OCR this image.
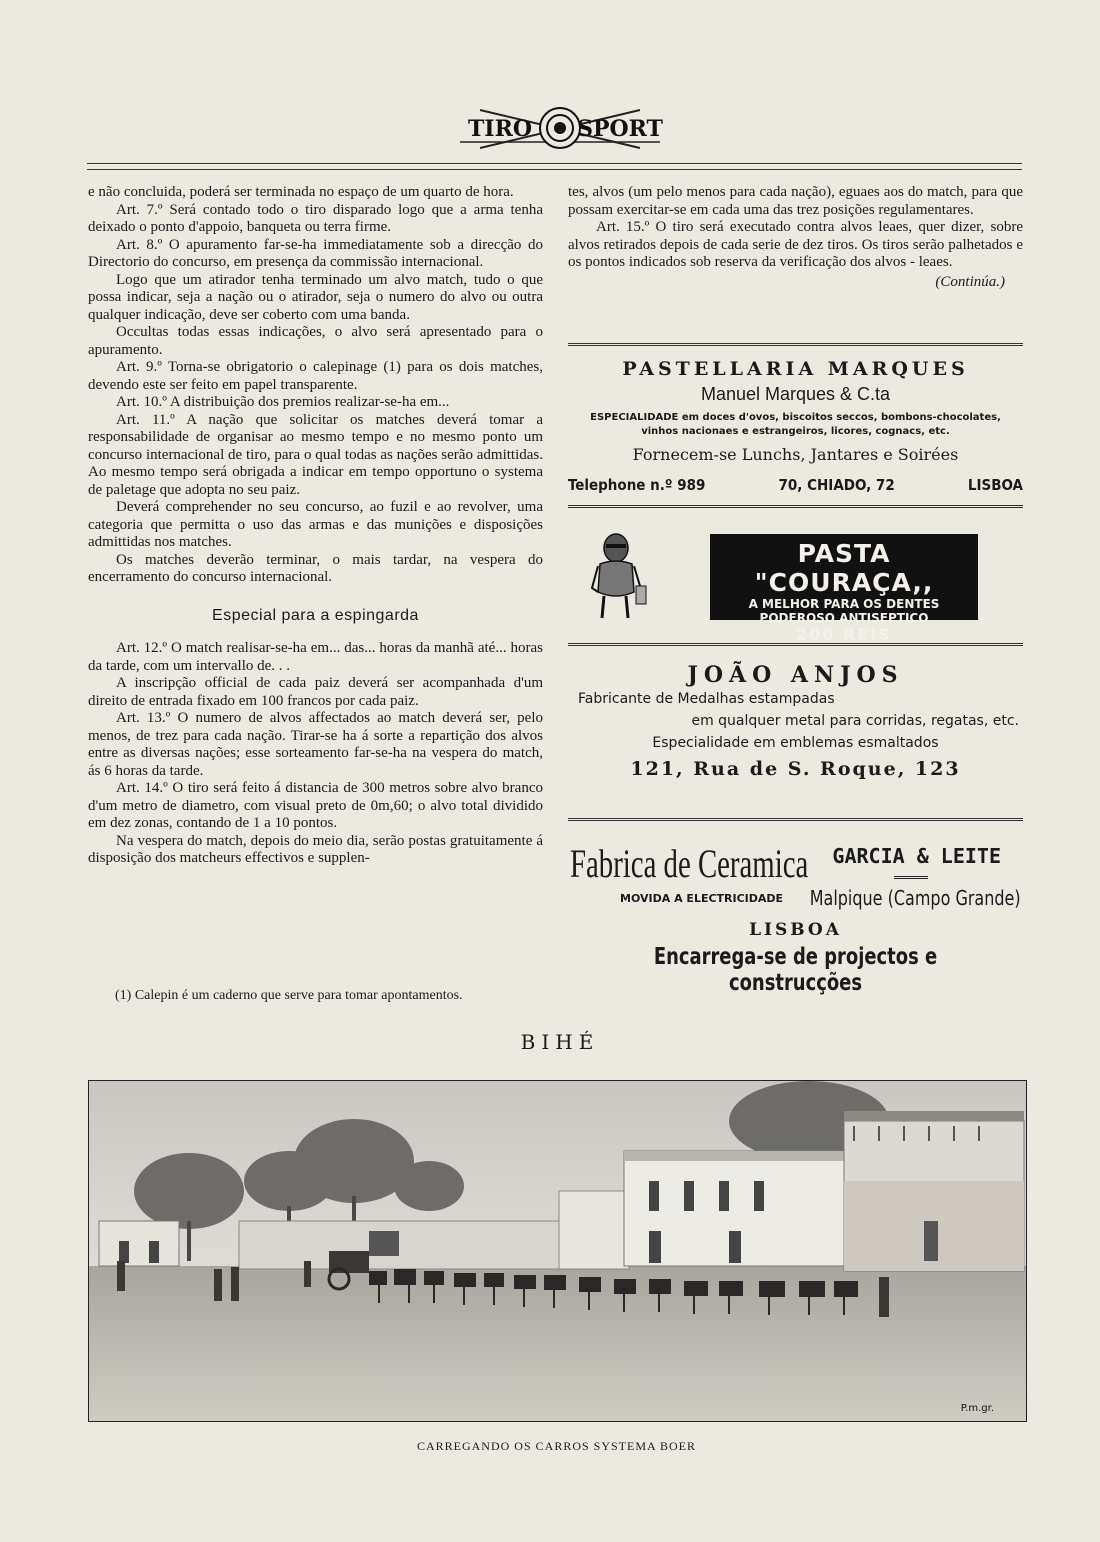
TIRO SPORT

e não concluida, poderá ser terminada no espaço de um quarto de hora.

Art. 7.º Será contado todo o tiro disparado logo que a arma tenha deixado o ponto d'appoio, banqueta ou terra firme.

Art. 8.º O apuramento far-se-ha immediatamente sob a direcção do Directorio do concurso, em presença da commissão internacional.

Logo que um atirador tenha terminado um alvo match, tudo o que possa indicar, seja a nação ou o atirador, seja o numero do alvo ou outra qualquer indicação, deve ser coberto com uma banda.

Occultas todas essas indicações, o alvo será apresentado para o apuramento.

Art. 9.º Torna-se obrigatorio o calepinage (1) para os dois matches, devendo este ser feito em papel transparente.

Art. 10.º A distribuição dos premios realizar-se-ha em...

Art. 11.º A nação que solicitar os matches deverá tomar a responsabilidade de organisar ao mesmo tempo e no mesmo ponto um concurso internacional de tiro, para o qual todas as nações serão admittidas. Ao mesmo tempo será obrigada a indicar em tempo opportuno o systema de paletage que adopta no seu paiz.

Deverá comprehender no seu concurso, ao fuzil e ao revolver, uma categoria que permitta o uso das armas e das munições e disposições admittidas nos matches.

Os matches deverão terminar, o mais tardar, na vespera do encerramento do concurso internacional.

Especial para a espingarda

Art. 12.º O match realisar-se-ha em... das... horas da manhã até... horas da tarde, com um intervallo de. . .

A inscripção official de cada paiz deverá ser acompanhada d'um direito de entrada fixado em 100 francos por cada paiz.

Art. 13.º O numero de alvos affectados ao match deverá ser, pelo menos, de trez para cada nação. Tirar-se ha á sorte a repartição dos alvos entre as diversas nações; esse sorteamento far-se-ha na vespera do match, ás 6 horas da tarde.

Art. 14.º O tiro será feito á distancia de 300 metros sobre alvo branco d'um metro de diametro, com visual preto de 0m,60; o alvo total dividido em dez zonas, contando de 1 a 10 pontos.

Na vespera do match, depois do meio dia, serão postas gratuitamente á disposição dos matcheurs effectivos e supplen-

(1) Calepin é um caderno que serve para tomar apontamentos.

tes, alvos (um pelo menos para cada nação), eguaes aos do match, para que possam exercitar-se em cada uma das trez posições regulamentares.

Art. 15.º O tiro será executado contra alvos leaes, quer dizer, sobre alvos retirados depois de cada serie de dez tiros. Os tiros serão palhetados e os pontos indicados sob reserva da verificação dos alvos - leaes.

(Continúa.)
PASTELLARIA MARQUES
Manuel Marques & C.ta
ESPECIALIDADE em doces d'ovos, biscoitos seccos, bombons-chocolates,
vinhos nacionaes e estrangeiros, licores, cognacs, etc.
Fornecem-se Lunchs, Jantares e Soirées
Telephone n.º 989	70, CHIADO, 72	LISBOA
PASTA "COURAÇA,,
A MELHOR PARA OS DENTES
PODEROSO ANTISEPTICO
200 REIS
JOÃO ANJOS
Fabricante de Medalhas estampadas
em qualquer metal para corridas, regatas, etc.
Especialidade em emblemas esmaltados
121, Rua de S. Roque, 123
Fabrica de Ceramica GARCIA & LEITE
MOVIDA A ELECTRICIDADE Malpique (Campo Grande)
LISBOA
Encarrega-se de projectos e construcções
BIHÉ
P.m.gr.
CARREGANDO OS CARROS SYSTEMA BOER
